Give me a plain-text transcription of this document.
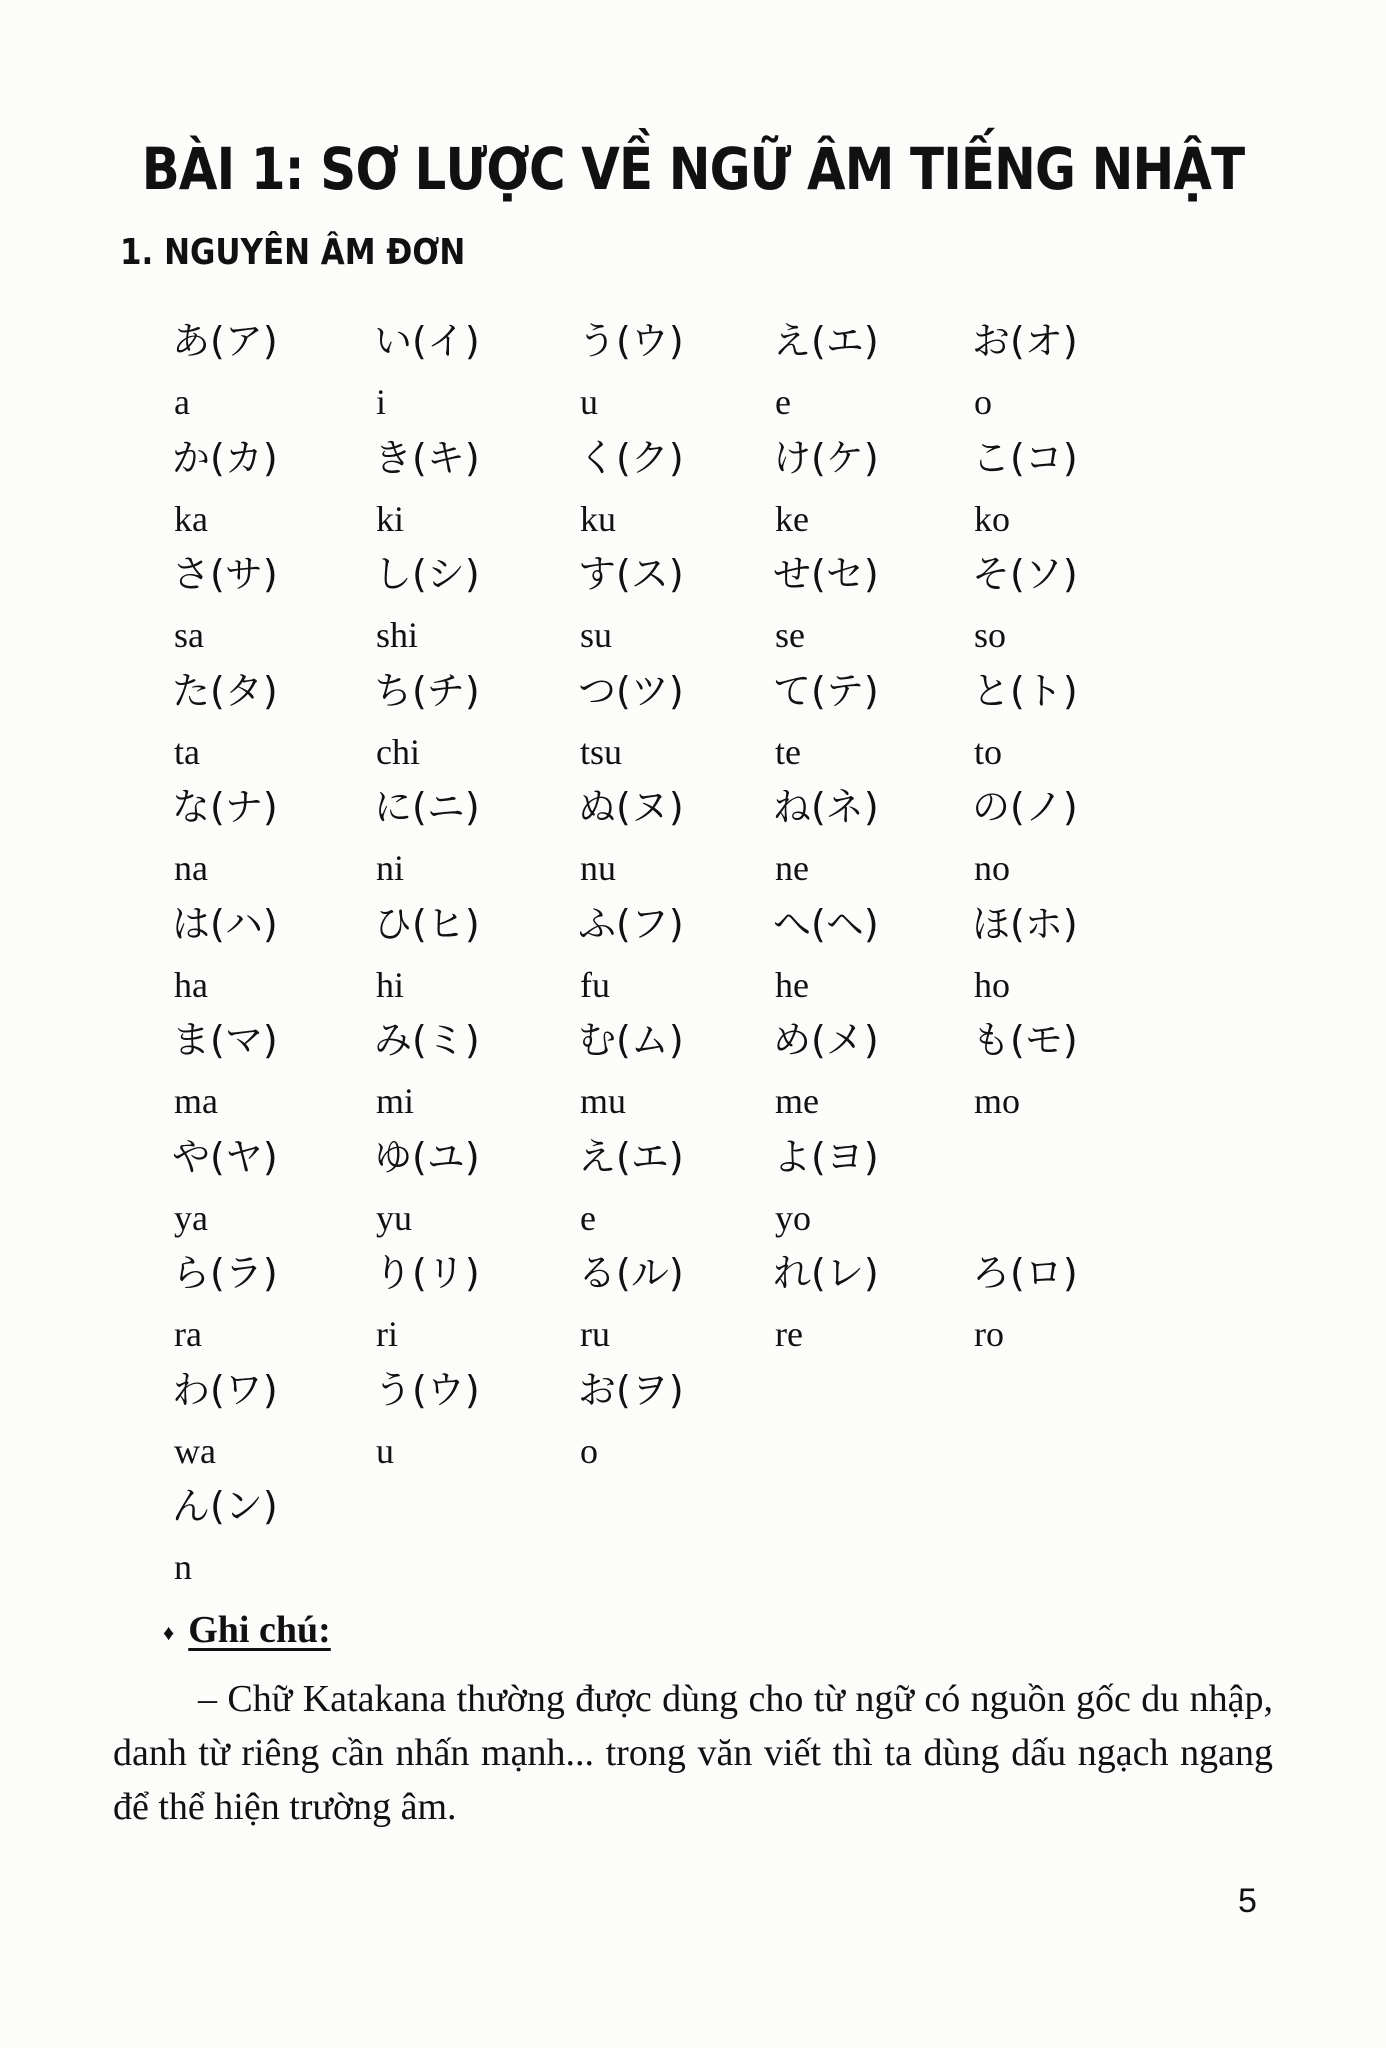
BÀI 1: SƠ LƯỢC VỀ NGỮ ÂM TIẾNG NHẬT
1. NGUYÊN ÂM ĐƠN
あ(ア)
a
い(イ)
i
う(ウ)
u
え(エ)
e
お(オ)
o
か(カ)
ka
き(キ)
ki
く(ク)
ku
け(ケ)
ke
こ(コ)
ko
さ(サ)
sa
し(シ)
shi
す(ス)
su
せ(セ)
se
そ(ソ)
so
た(タ)
ta
ち(チ)
chi
つ(ツ)
tsu
て(テ)
te
と(ト)
to
な(ナ)
na
に(ニ)
ni
ぬ(ヌ)
nu
ね(ネ)
ne
の(ノ)
no
は(ハ)
ha
ひ(ヒ)
hi
ふ(フ)
fu
へ(ヘ)
he
ほ(ホ)
ho
ま(マ)
ma
み(ミ)
mi
む(ム)
mu
め(メ)
me
も(モ)
mo
や(ヤ)
ya
ゆ(ユ)
yu
え(エ)
e
よ(ヨ)
yo
ら(ラ)
ra
り(リ)
ri
る(ル)
ru
れ(レ)
re
ろ(ロ)
ro
わ(ワ)
wa
う(ウ)
u
お(ヲ)
o
ん(ン)
n
♦ Ghi chú:
– Chữ Katakana thường được dùng cho từ ngữ có nguồn gốc du nhập, danh từ riêng cần nhấn mạnh... trong văn viết thì ta dùng dấu ngạch ngang để thể hiện trường âm.
5
